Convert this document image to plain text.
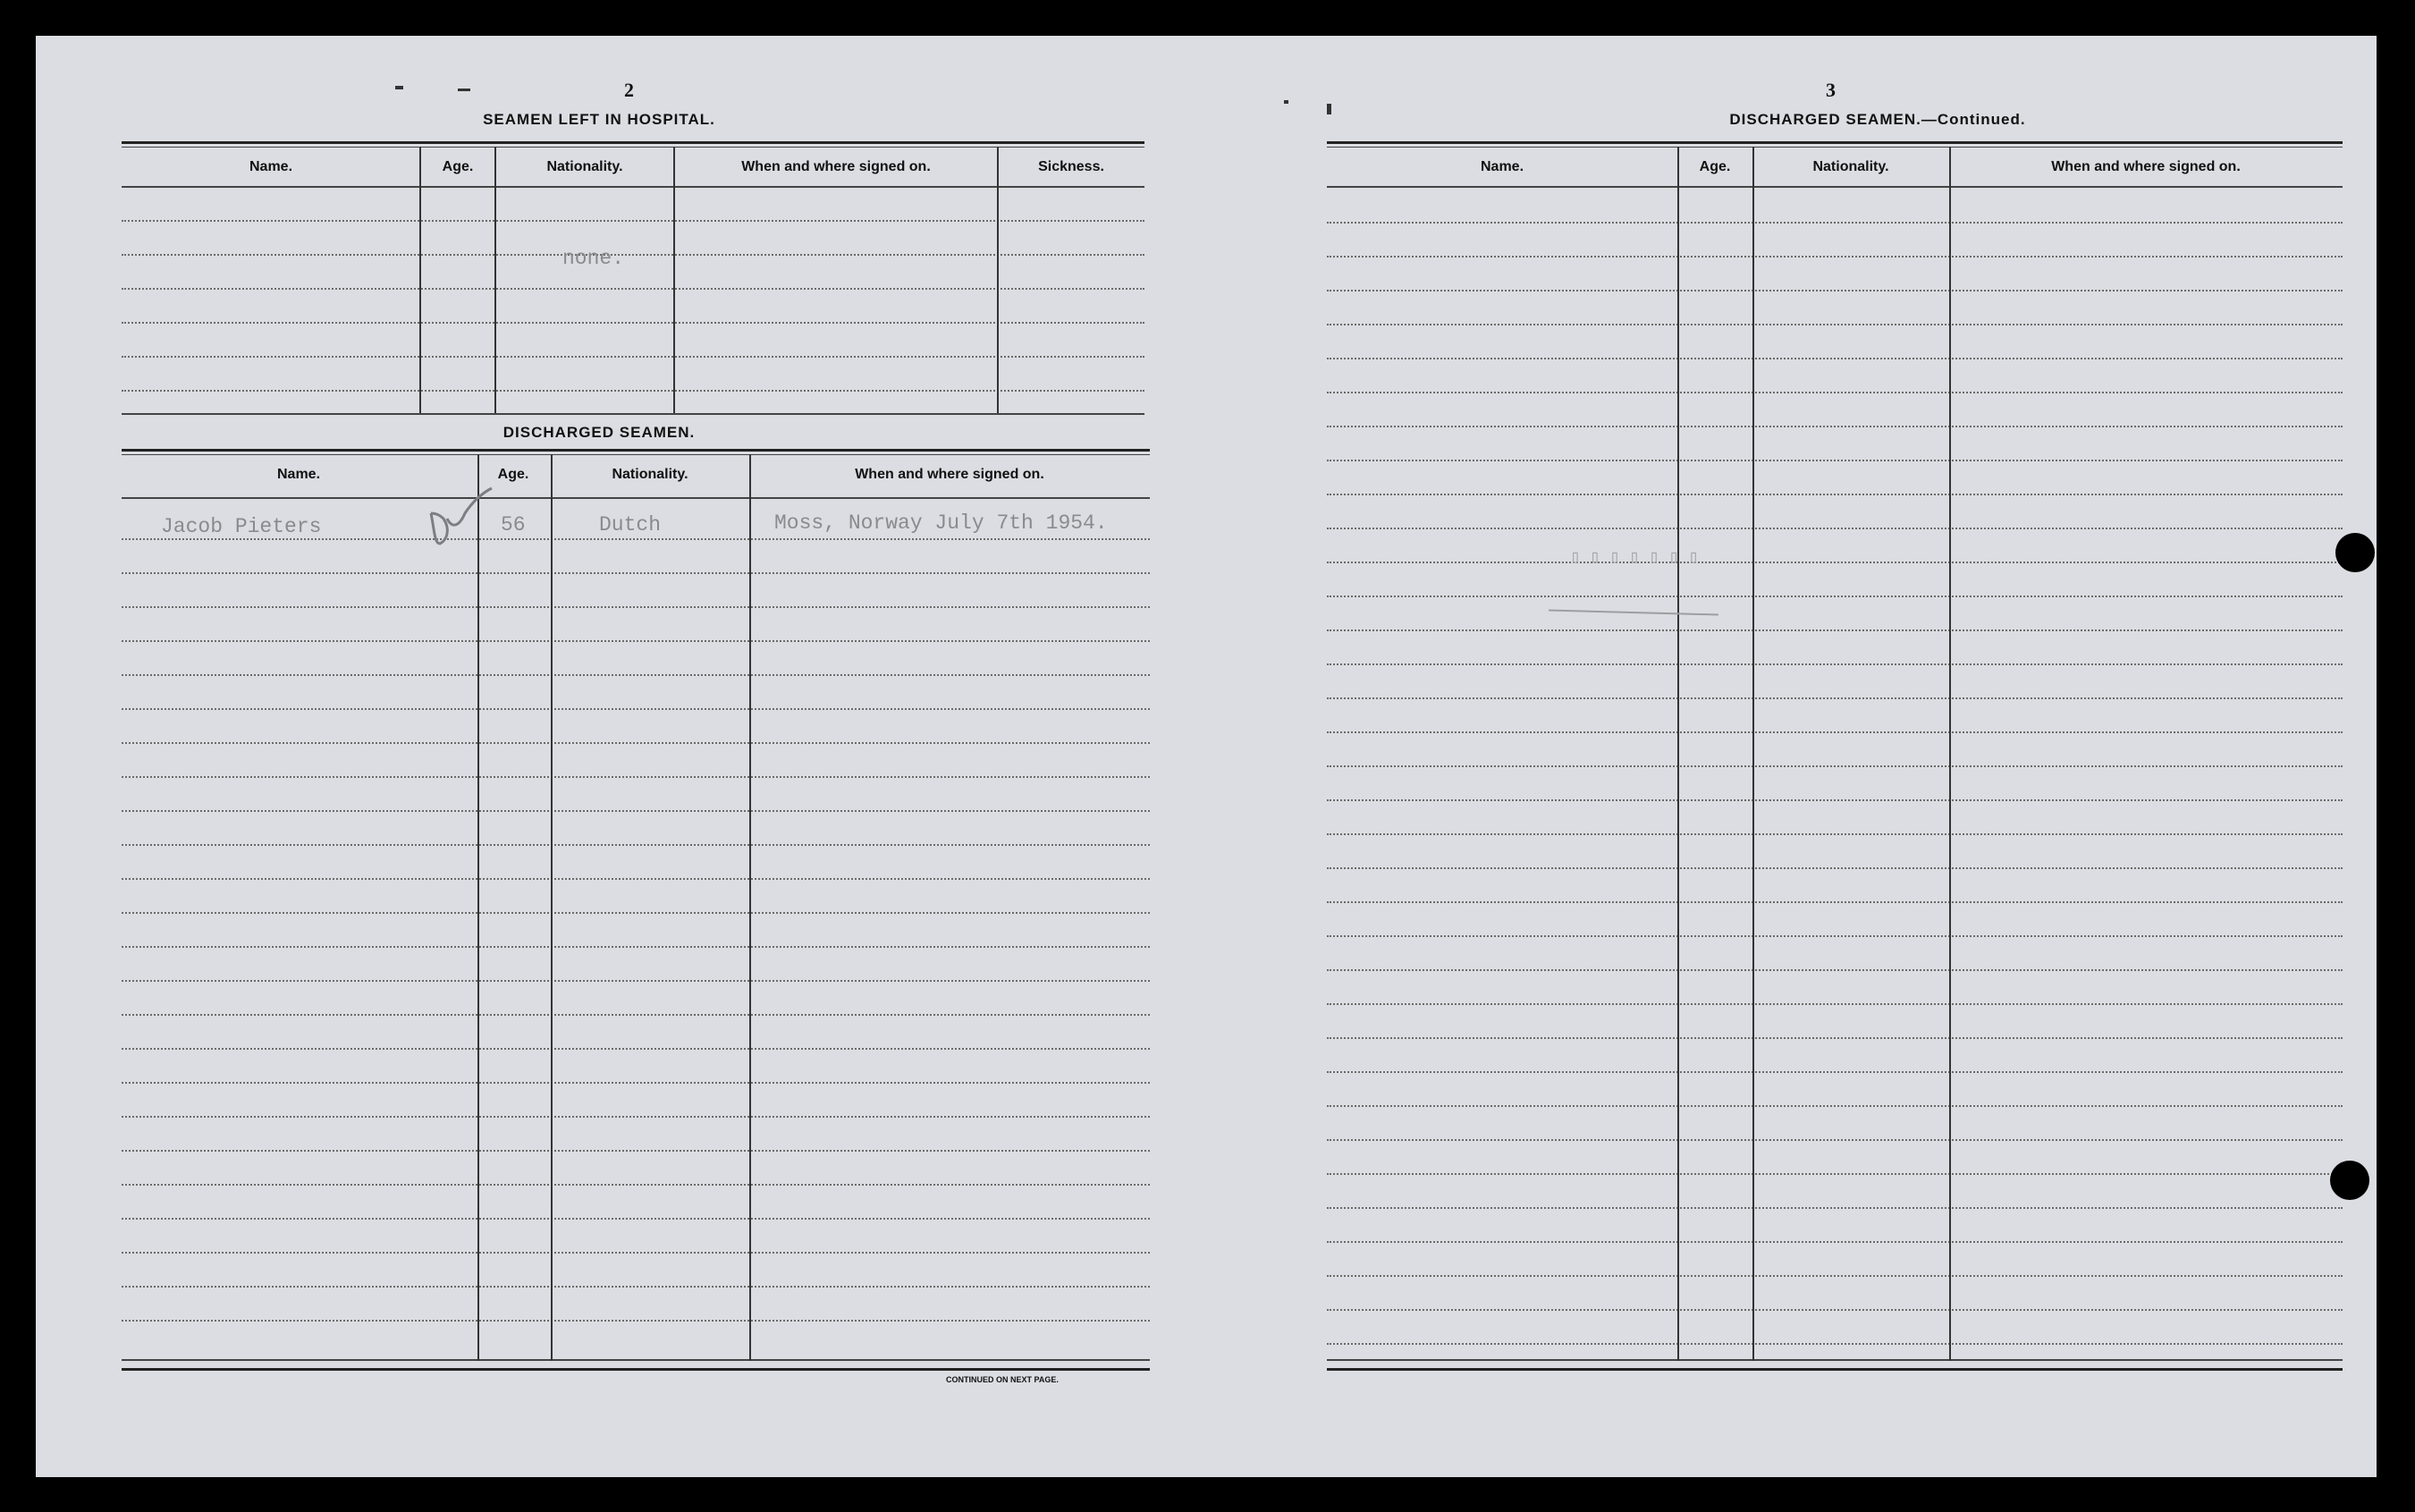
2
SEAMEN LEFT IN HOSPITAL.
Name.	Age.	Nationality.	When and where signed on.	Sickness.
none.
DISCHARGED SEAMEN.
Name.	Age.	Nationality.	When and where signed on.
Jacob Pieters	56	Dutch	Moss, Norway July 7th 1954.
CONTINUED ON NEXT PAGE.
3
DISCHARGED SEAMEN.—Continued.
Name.	Age.	Nationality.	When and where signed on.
▯▯▯▯▯▯▯
